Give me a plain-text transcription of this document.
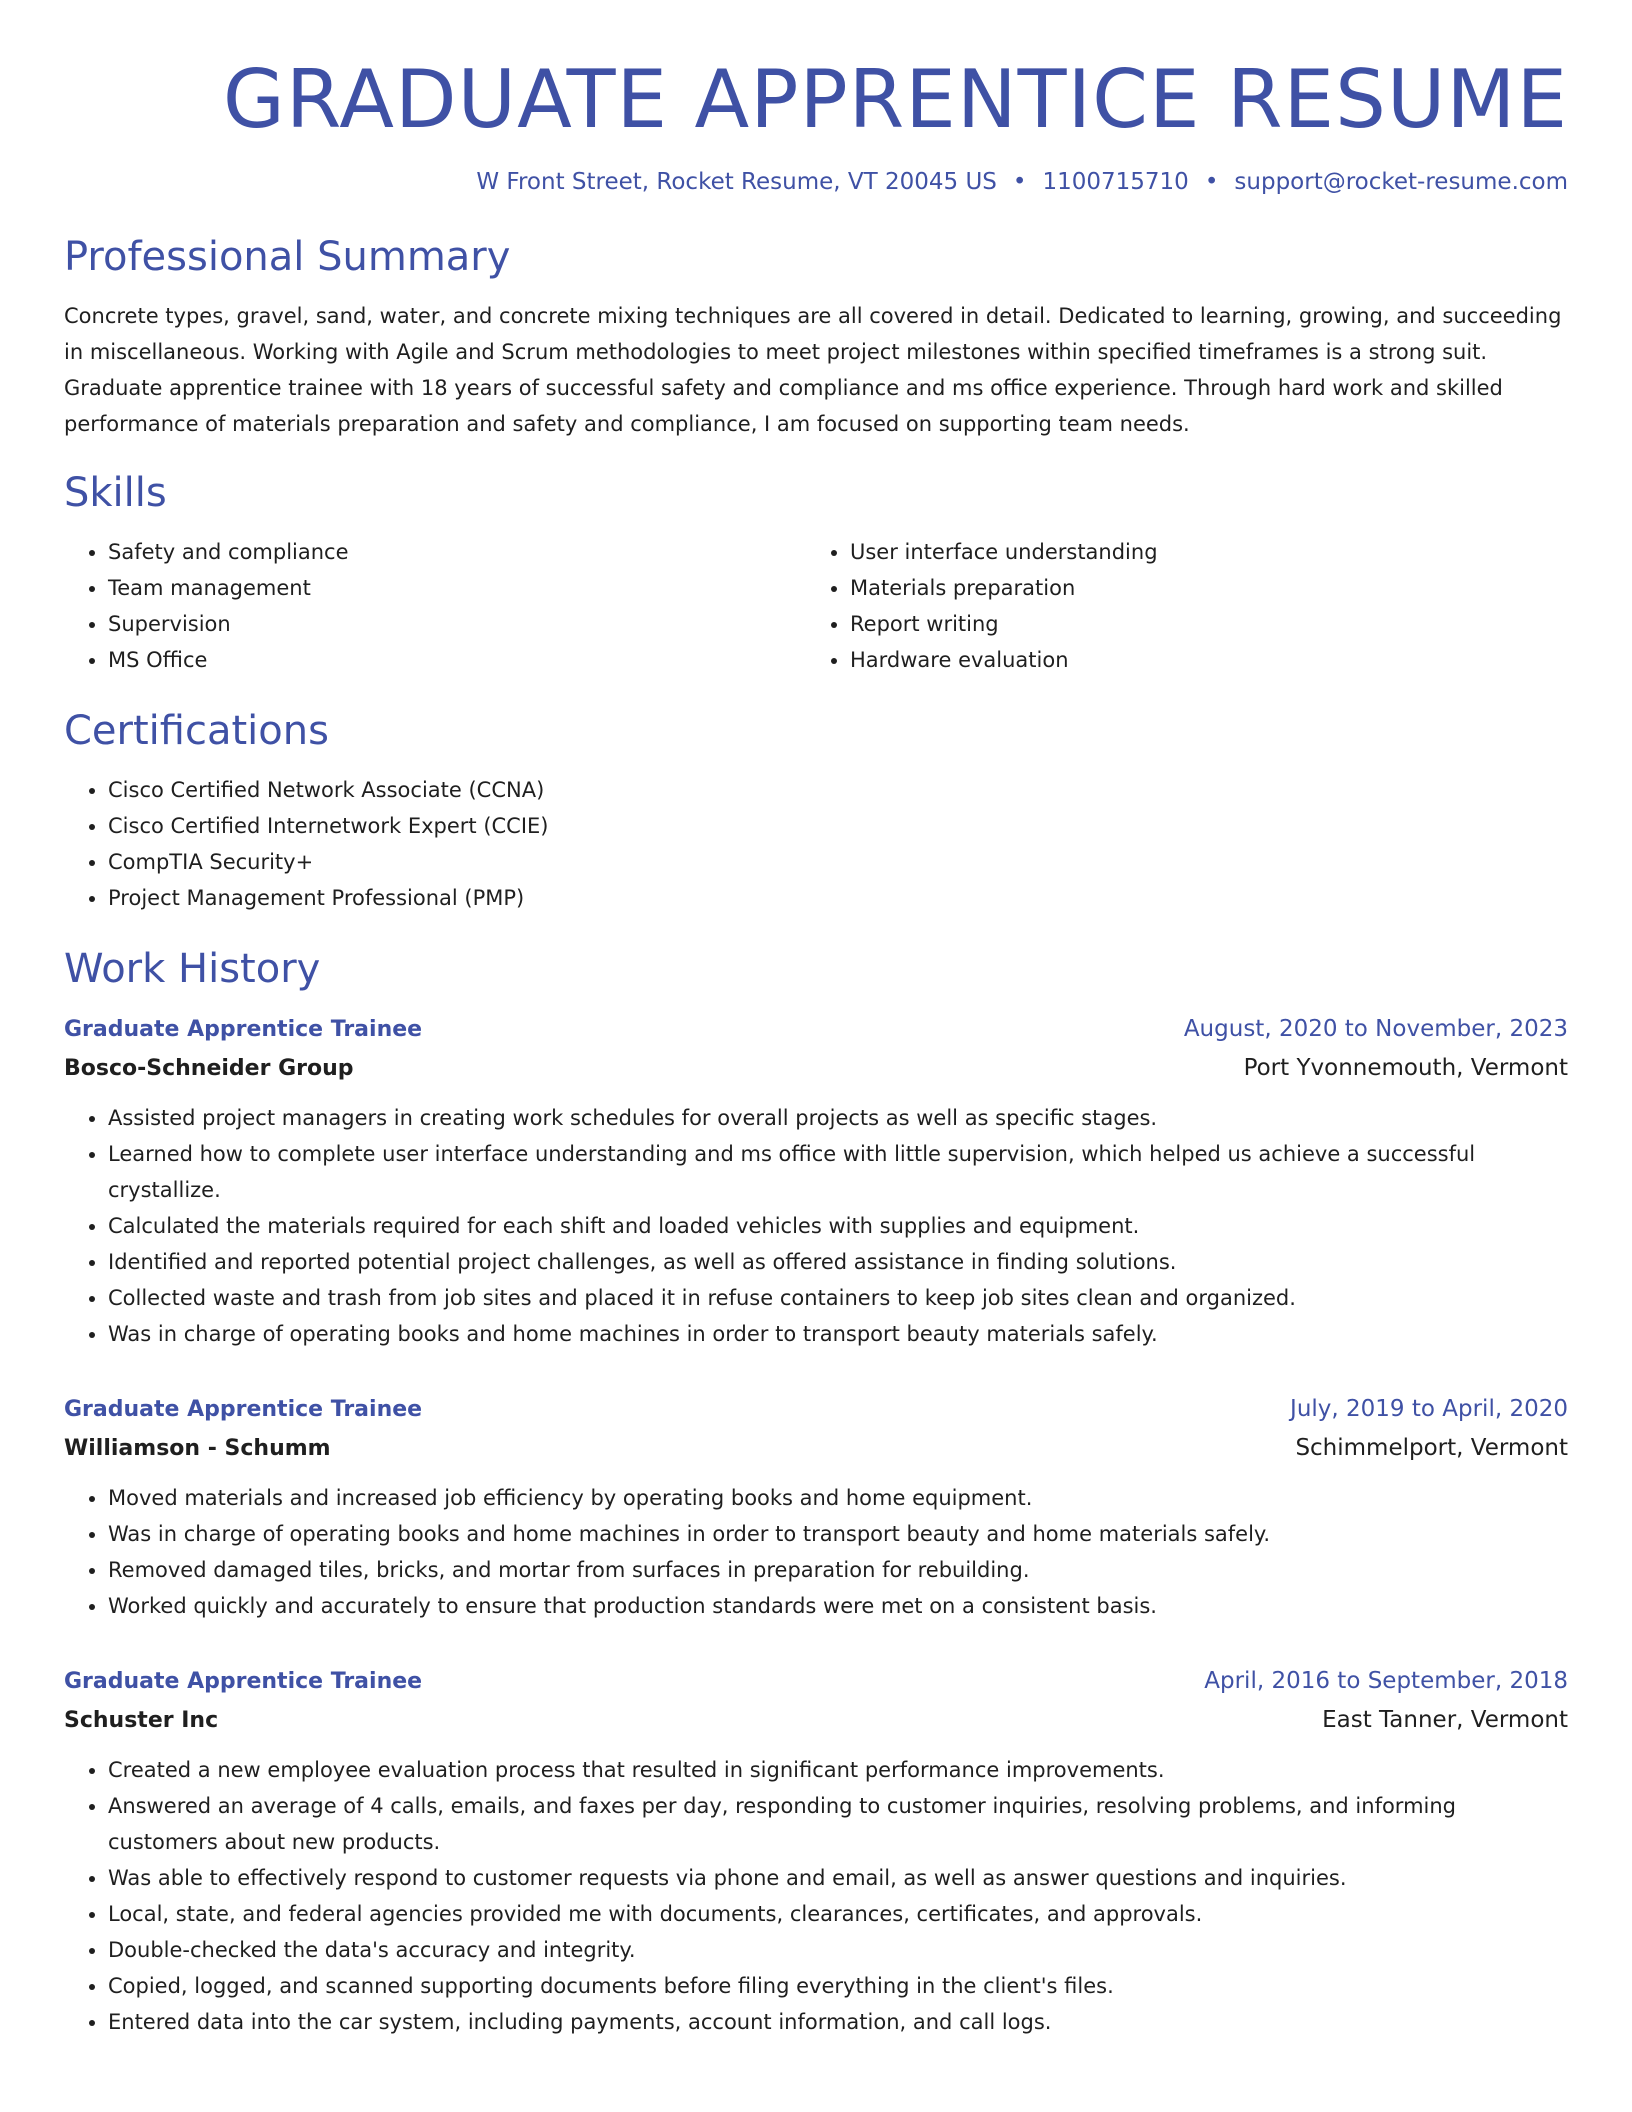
GRADUATE APPRENTICE RESUME
W Front Street, Rocket Resume, VT 20045 US • 1100715710 • support@rocket-resume.com
Professional Summary
Concrete types, gravel, sand, water, and concrete mixing techniques are all covered in detail. Dedicated to learning, growing, and succeeding in miscellaneous. Working with Agile and Scrum methodologies to meet project milestones within specified timeframes is a strong suit. Graduate apprentice trainee with 18 years of successful safety and compliance and ms office experience. Through hard work and skilled performance of materials preparation and safety and compliance, I am focused on supporting team needs.
Skills
• Safety and compliance
• Team management
• Supervision
• MS Office
• User interface understanding
• Materials preparation
• Report writing
• Hardware evaluation
Certifications
• Cisco Certified Network Associate (CCNA)
• Cisco Certified Internetwork Expert (CCIE)
• CompTIA Security+
• Project Management Professional (PMP)
Work History
Graduate Apprentice Trainee	August, 2020 to November, 2023
Bosco-Schneider Group	Port Yvonnemouth, Vermont
• Assisted project managers in creating work schedules for overall projects as well as specific stages.
• Learned how to complete user interface understanding and ms office with little supervision, which helped us achieve a successful crystallize.
• Calculated the materials required for each shift and loaded vehicles with supplies and equipment.
• Identified and reported potential project challenges, as well as offered assistance in finding solutions.
• Collected waste and trash from job sites and placed it in refuse containers to keep job sites clean and organized.
• Was in charge of operating books and home machines in order to transport beauty materials safely.
Graduate Apprentice Trainee	July, 2019 to April, 2020
Williamson - Schumm	Schimmelport, Vermont
• Moved materials and increased job efficiency by operating books and home equipment.
• Was in charge of operating books and home machines in order to transport beauty and home materials safely.
• Removed damaged tiles, bricks, and mortar from surfaces in preparation for rebuilding.
• Worked quickly and accurately to ensure that production standards were met on a consistent basis.
Graduate Apprentice Trainee	April, 2016 to September, 2018
Schuster Inc	East Tanner, Vermont
• Created a new employee evaluation process that resulted in significant performance improvements.
• Answered an average of 4 calls, emails, and faxes per day, responding to customer inquiries, resolving problems, and informing customers about new products.
• Was able to effectively respond to customer requests via phone and email, as well as answer questions and inquiries.
• Local, state, and federal agencies provided me with documents, clearances, certificates, and approvals.
• Double-checked the data's accuracy and integrity.
• Copied, logged, and scanned supporting documents before filing everything in the client's files.
• Entered data into the car system, including payments, account information, and call logs.
